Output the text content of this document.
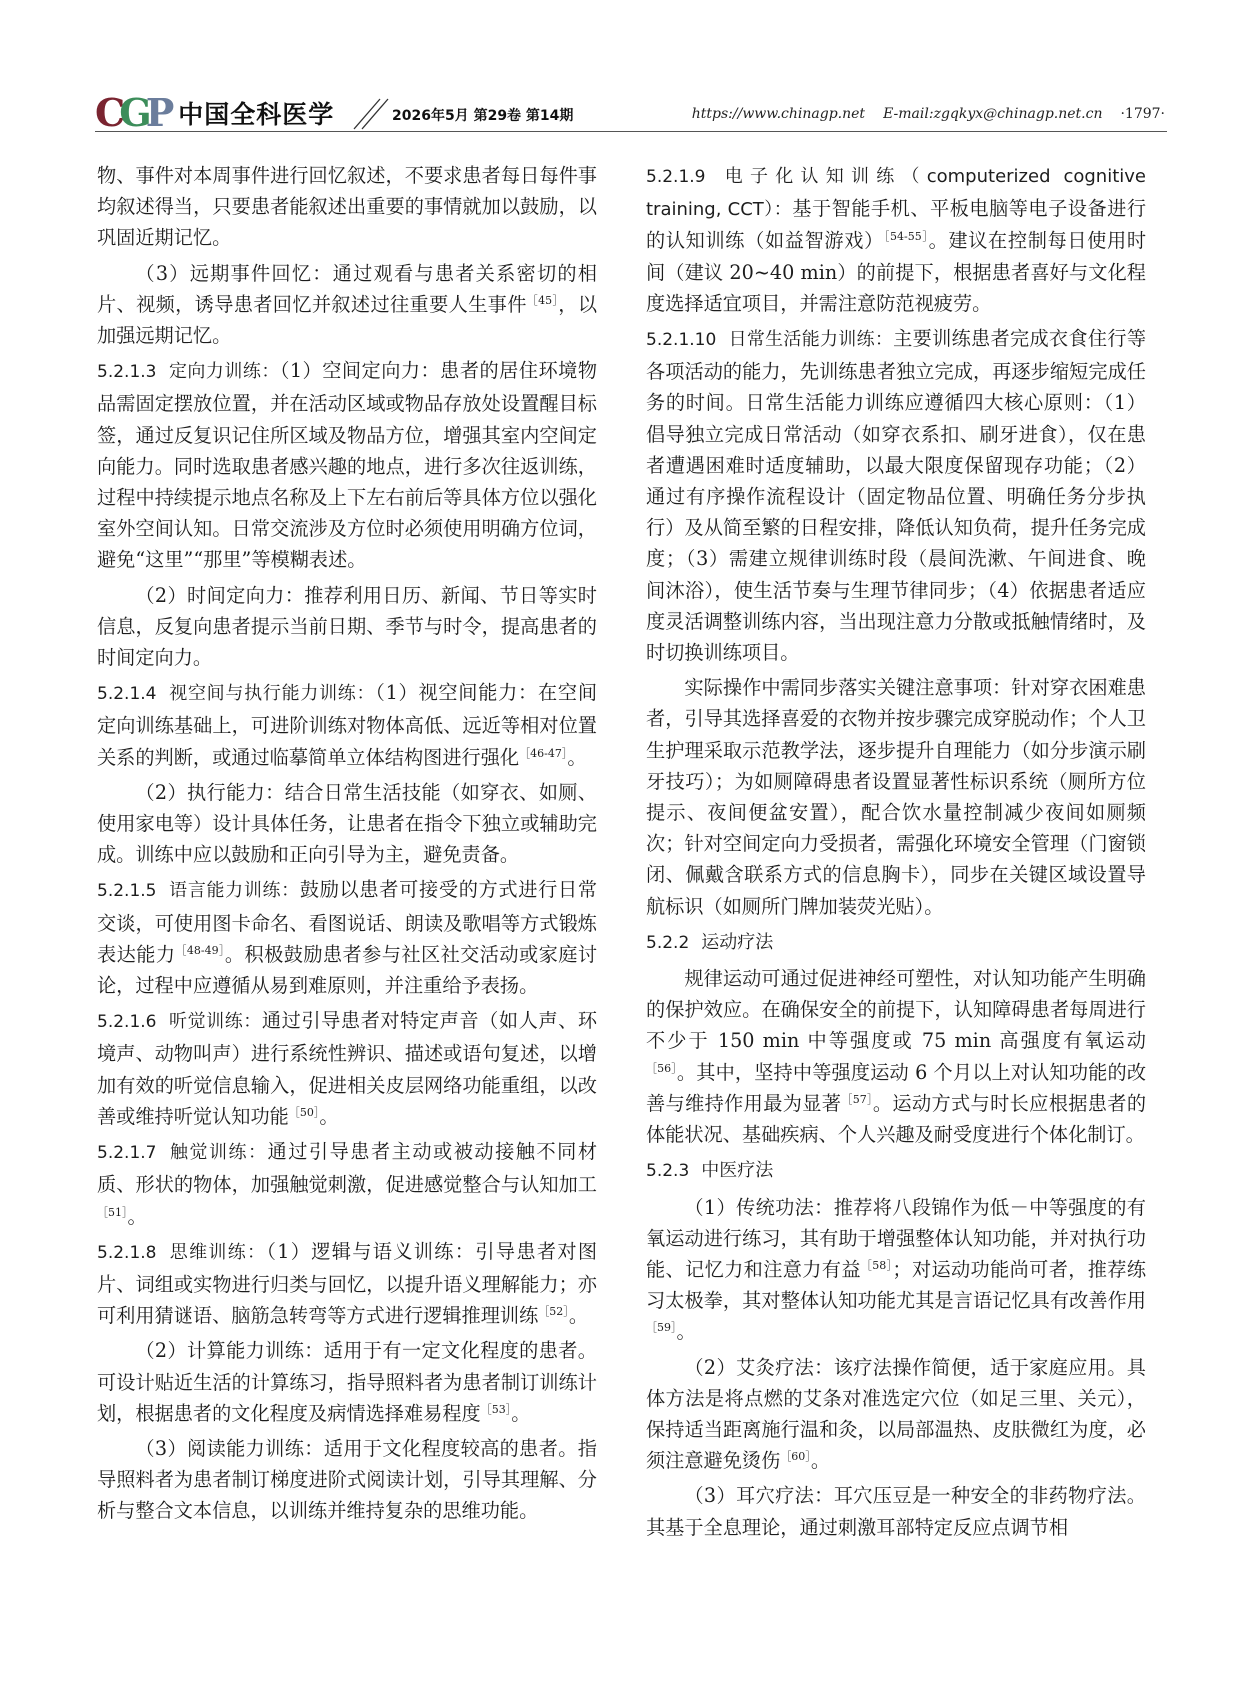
CGP 中国全科医学	2026年5月 第29卷 第14期	https://www.chinagp.net E-mail:zgqkyx@chinagp.net.cn ·1797·

物、事件对本周事件进行回忆叙述，不要求患者每日每件事均叙述得当，只要患者能叙述出重要的事情就加以鼓励，以巩固近期记忆。

（3）远期事件回忆：通过观看与患者关系密切的相片、视频，诱导患者回忆并叙述过往重要人生事件$^{[45]}$，以加强远期记忆。

5.2.1.3 定向力训练：（1）空间定向力：患者的居住环境物品需固定摆放位置，并在活动区域或物品存放处设置醒目标签，通过反复识记住所区域及物品方位，增强其室内空间定向能力。同时选取患者感兴趣的地点，进行多次往返训练，过程中持续提示地点名称及上下左右前后等具体方位以强化室外空间认知。日常交流涉及方位时必须使用明确方位词，避免“这里”“那里”等模糊表述。

（2）时间定向力：推荐利用日历、新闻、节日等实时信息，反复向患者提示当前日期、季节与时令，提高患者的时间定向力。

5.2.1.4 视空间与执行能力训练：（1）视空间能力：在空间定向训练基础上，可进阶训练对物体高低、远近等相对位置关系的判断，或通过临摹简单立体结构图进行强化$^{[46-47]}$。

（2）执行能力：结合日常生活技能（如穿衣、如厕、使用家电等）设计具体任务，让患者在指令下独立或辅助完成。训练中应以鼓励和正向引导为主，避免责备。

5.2.1.5 语言能力训练：鼓励以患者可接受的方式进行日常交谈，可使用图卡命名、看图说话、朗读及歌唱等方式锻炼表达能力$^{[48-49]}$。积极鼓励患者参与社区社交活动或家庭讨论，过程中应遵循从易到难原则，并注重给予表扬。

5.2.1.6 听觉训练：通过引导患者对特定声音（如人声、环境声、动物叫声）进行系统性辨识、描述或语句复述，以增加有效的听觉信息输入，促进相关皮层网络功能重组，以改善或维持听觉认知功能$^{[50]}$。

5.2.1.7 触觉训练：通过引导患者主动或被动接触不同材质、形状的物体，加强触觉刺激，促进感觉整合与认知加工$^{[51]}$。

5.2.1.8 思维训练：（1）逻辑与语义训练：引导患者对图片、词组或实物进行归类与回忆，以提升语义理解能力；亦可利用猜谜语、脑筋急转弯等方式进行逻辑推理训练$^{[52]}$。

（2）计算能力训练：适用于有一定文化程度的患者。可设计贴近生活的计算练习，指导照料者为患者制订训练计划，根据患者的文化程度及病情选择难易程度$^{[53]}$。

（3）阅读能力训练：适用于文化程度较高的患者。指导照料者为患者制订梯度进阶式阅读计划，引导其理解、分析与整合文本信息，以训练并维持复杂的思维功能。

5.2.1.9 电子化认知训练（computerized cognitive training, CCT）：基于智能手机、平板电脑等电子设备进行的认知训练（如益智游戏）$^{[54-55]}$。建议在控制每日使用时间（建议 20~40 min）的前提下，根据患者喜好与文化程度选择适宜项目，并需注意防范视疲劳。

5.2.1.10 日常生活能力训练：主要训练患者完成衣食住行等各项活动的能力，先训练患者独立完成，再逐步缩短完成任务的时间。日常生活能力训练应遵循四大核心原则：（1）倡导独立完成日常活动（如穿衣系扣、刷牙进食），仅在患者遭遇困难时适度辅助，以最大限度保留现存功能；（2）通过有序操作流程设计（固定物品位置、明确任务分步执行）及从简至繁的日程安排，降低认知负荷，提升任务完成度；（3）需建立规律训练时段（晨间洗漱、午间进食、晚间沐浴），使生活节奏与生理节律同步；（4）依据患者适应度灵活调整训练内容，当出现注意力分散或抵触情绪时，及时切换训练项目。

实际操作中需同步落实关键注意事项：针对穿衣困难患者，引导其选择喜爱的衣物并按步骤完成穿脱动作；个人卫生护理采取示范教学法，逐步提升自理能力（如分步演示刷牙技巧）；为如厕障碍患者设置显著性标识系统（厕所方位提示、夜间便盆安置），配合饮水量控制减少夜间如厕频次；针对空间定向力受损者，需强化环境安全管理（门窗锁闭、佩戴含联系方式的信息胸卡），同步在关键区域设置导航标识（如厕所门牌加装荧光贴）。

5.2.2 运动疗法

规律运动可通过促进神经可塑性，对认知功能产生明确的保护效应。在确保安全的前提下，认知障碍患者每周进行不少于 150 min 中等强度或 75 min 高强度有氧运动$^{[56]}$。其中，坚持中等强度运动 6 个月以上对认知功能的改善与维持作用最为显著$^{[57]}$。运动方式与时长应根据患者的体能状况、基础疾病、个人兴趣及耐受度进行个体化制订。

5.2.3 中医疗法

（1）传统功法：推荐将八段锦作为低－中等强度的有氧运动进行练习，其有助于增强整体认知功能，并对执行功能、记忆力和注意力有益$^{[58]}$；对运动功能尚可者，推荐练习太极拳，其对整体认知功能尤其是言语记忆具有改善作用$^{[59]}$。

（2）艾灸疗法：该疗法操作简便，适于家庭应用。具体方法是将点燃的艾条对准选定穴位（如足三里、关元），保持适当距离施行温和灸，以局部温热、皮肤微红为度，必须注意避免烫伤$^{[60]}$。

（3）耳穴疗法：耳穴压豆是一种安全的非药物疗法。其基于全息理论，通过刺激耳部特定反应点调节相
